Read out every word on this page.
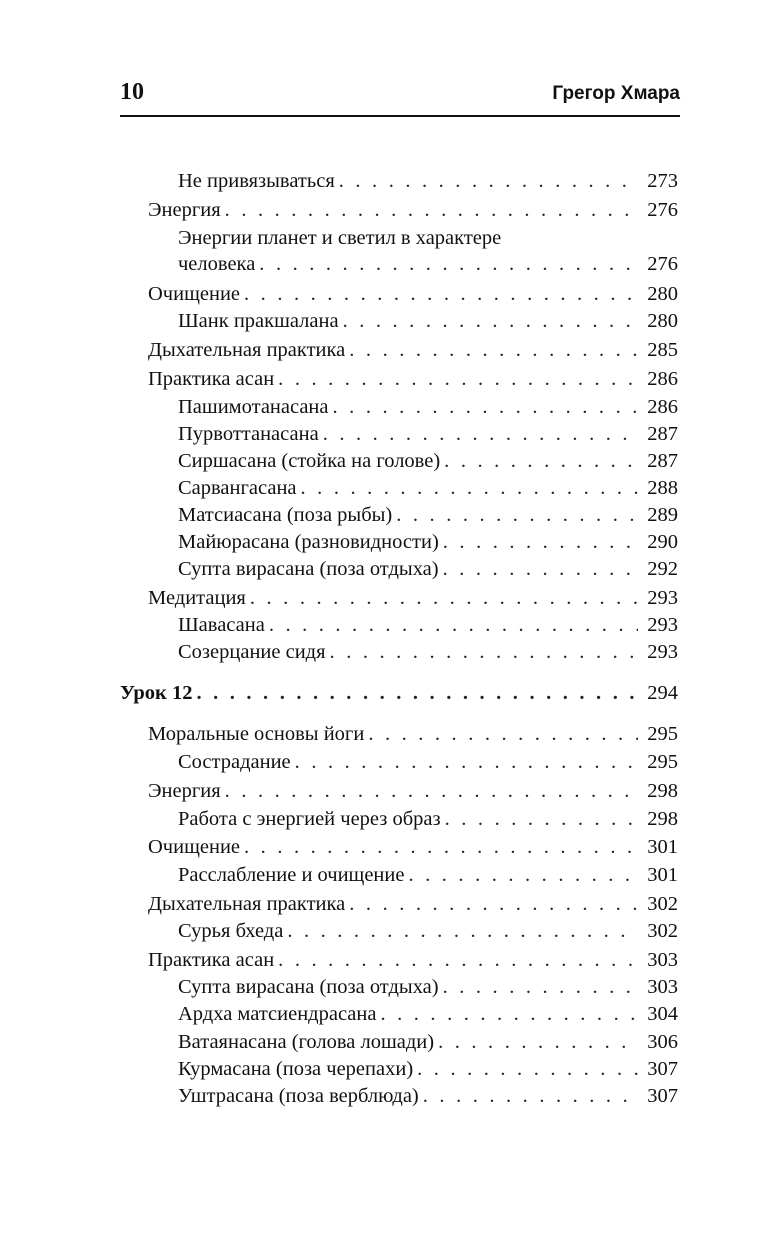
10	Грегор Хмара
Не привязываться . . .	273
Энергия . . .	276
Энергии планет и светил в характере
человека . . .	276
Очищение . . .	280
Шанк пракшалана . . .	280
Дыхательная практика . . .	285
Практика асан . . .	286
Пашимотанасана . . .	286
Пурвоттанасана . . .	287
Сиршасана (стойка на голове) . . .	287
Сарвангасана . . .	288
Матсиасана (поза рыбы) . . .	289
Майюрасана (разновидности) . . .	290
Супта вирасана (поза отдыха) . . .	292
Медитация . . .	293
Шавасана . . .	293
Созерцание сидя . . .	293
Урок 12 . . .	294
Моральные основы йоги . . .	295
Сострадание . . .	295
Энергия . . .	298
Работа с энергией через образ . . .	298
Очищение . . .	301
Расслабление и очищение . . .	301
Дыхательная практика . . .	302
Сурья бхеда . . .	302
Практика асан . . .	303
Супта вирасана (поза отдыха) . . .	303
Ардха матсиендрасана . . .	304
Ватаянасана (голова лошади) . . .	306
Курмасана (поза черепахи) . . .	307
Уштрасана (поза верблюда) . . .	307
